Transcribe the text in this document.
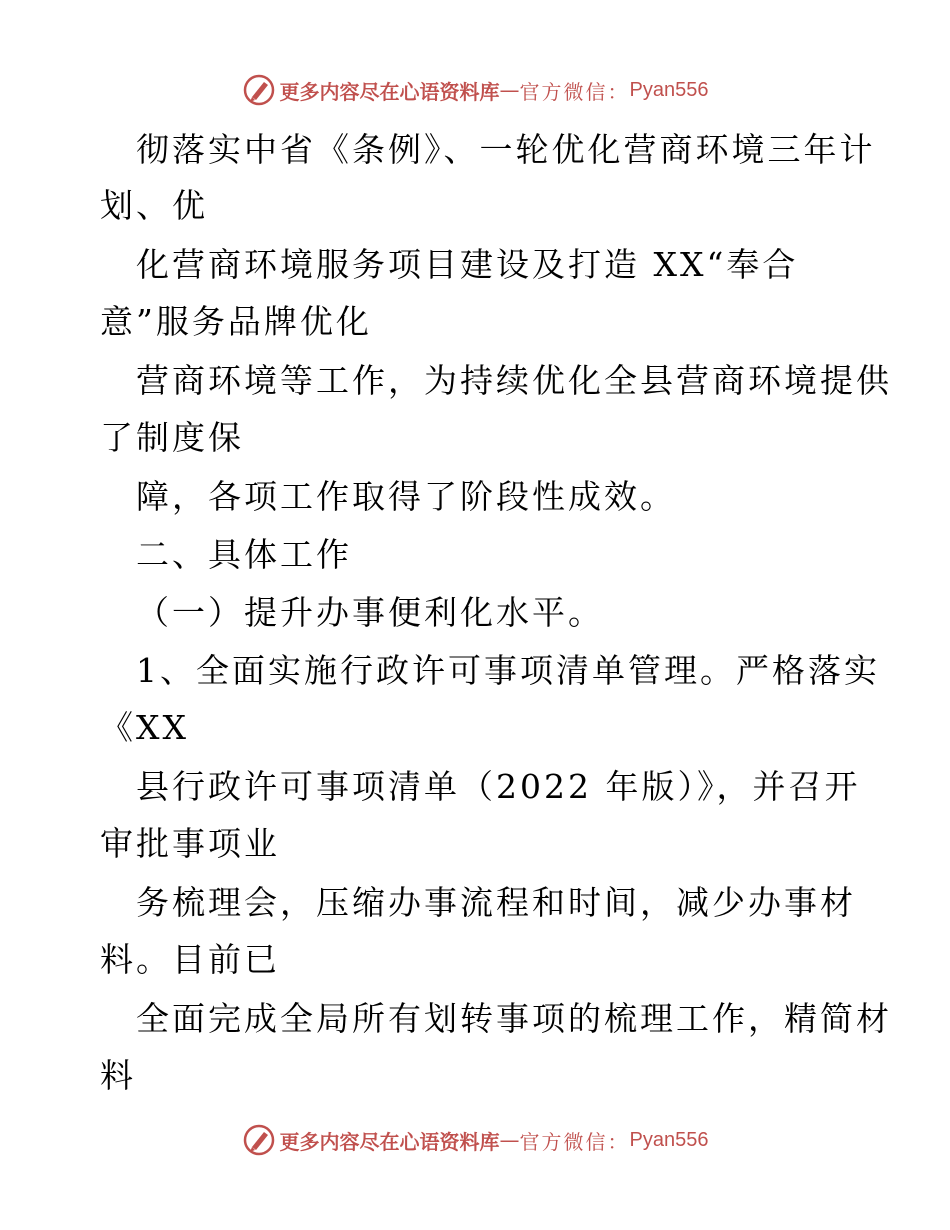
更多内容尽在心语资料库 — 官方微信： Pyan556
彻落实中省《条例》、一轮优化营商环境三年计
划、优
化营商环境服务项目建设及打造 XX“奉合
意”服务品牌优化
营商环境等工作，为持续优化全县营商环境提供
了制度保
障，各项工作取得了阶段性成效。
二、具体工作
（一）提升办事便利化水平。
1、全面实施行政许可事项清单管理。严格落实
《XX
县行政许可事项清单（2022 年版）》，并召开
审批事项业
务梳理会，压缩办事流程和时间，减少办事材
料。目前已
全面完成全局所有划转事项的梳理工作，精简材
料
更多内容尽在心语资料库 — 官方微信： Pyan556
